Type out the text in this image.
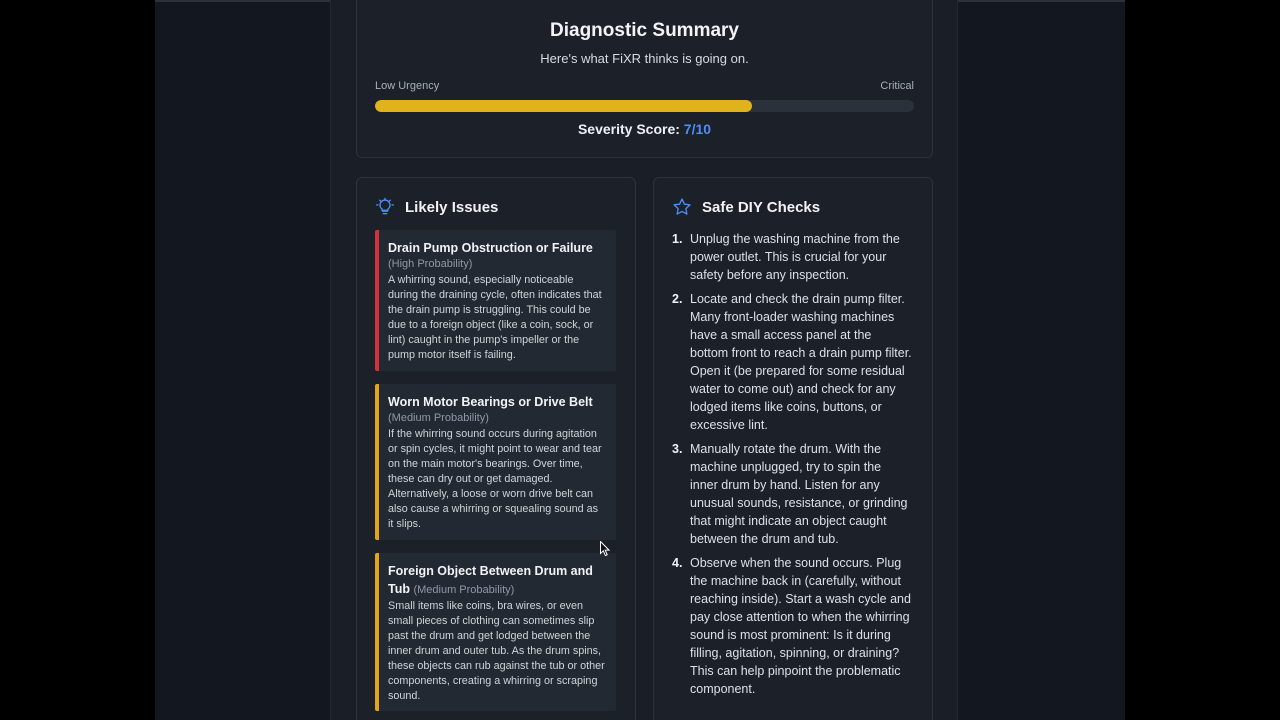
Diagnostic Summary
Here's what FiXR thinks is going on.
Low Urgency	Critical
Severity Score: 7/10
Likely Issues
Drain Pump Obstruction or Failure
(High Probability)
A whirring sound, especially noticeable during the draining cycle, often indicates that the drain pump is struggling. This could be due to a foreign object (like a coin, sock, or lint) caught in the pump's impeller or the pump motor itself is failing.
Worn Motor Bearings or Drive Belt
(Medium Probability)
If the whirring sound occurs during agitation or spin cycles, it might point to wear and tear on the main motor's bearings. Over time, these can dry out or get damaged. Alternatively, a loose or worn drive belt can also cause a whirring or squealing sound as it slips.
Foreign Object Between Drum and Tub (Medium Probability)
Small items like coins, bra wires, or even small pieces of clothing can sometimes slip past the drum and get lodged between the inner drum and outer tub. As the drum spins, these objects can rub against the tub or other components, creating a whirring or scraping sound.
Safe DIY Checks
1. Unplug the washing machine from the power outlet. This is crucial for your safety before any inspection.
2. Locate and check the drain pump filter. Many front-loader washing machines have a small access panel at the bottom front to reach a drain pump filter. Open it (be prepared for some residual water to come out) and check for any lodged items like coins, buttons, or excessive lint.
3. Manually rotate the drum. With the machine unplugged, try to spin the inner drum by hand. Listen for any unusual sounds, resistance, or grinding that might indicate an object caught between the drum and tub.
4. Observe when the sound occurs. Plug the machine back in (carefully, without reaching inside). Start a wash cycle and pay close attention to when the whirring sound is most prominent: Is it during filling, agitation, spinning, or draining? This can help pinpoint the problematic component.
